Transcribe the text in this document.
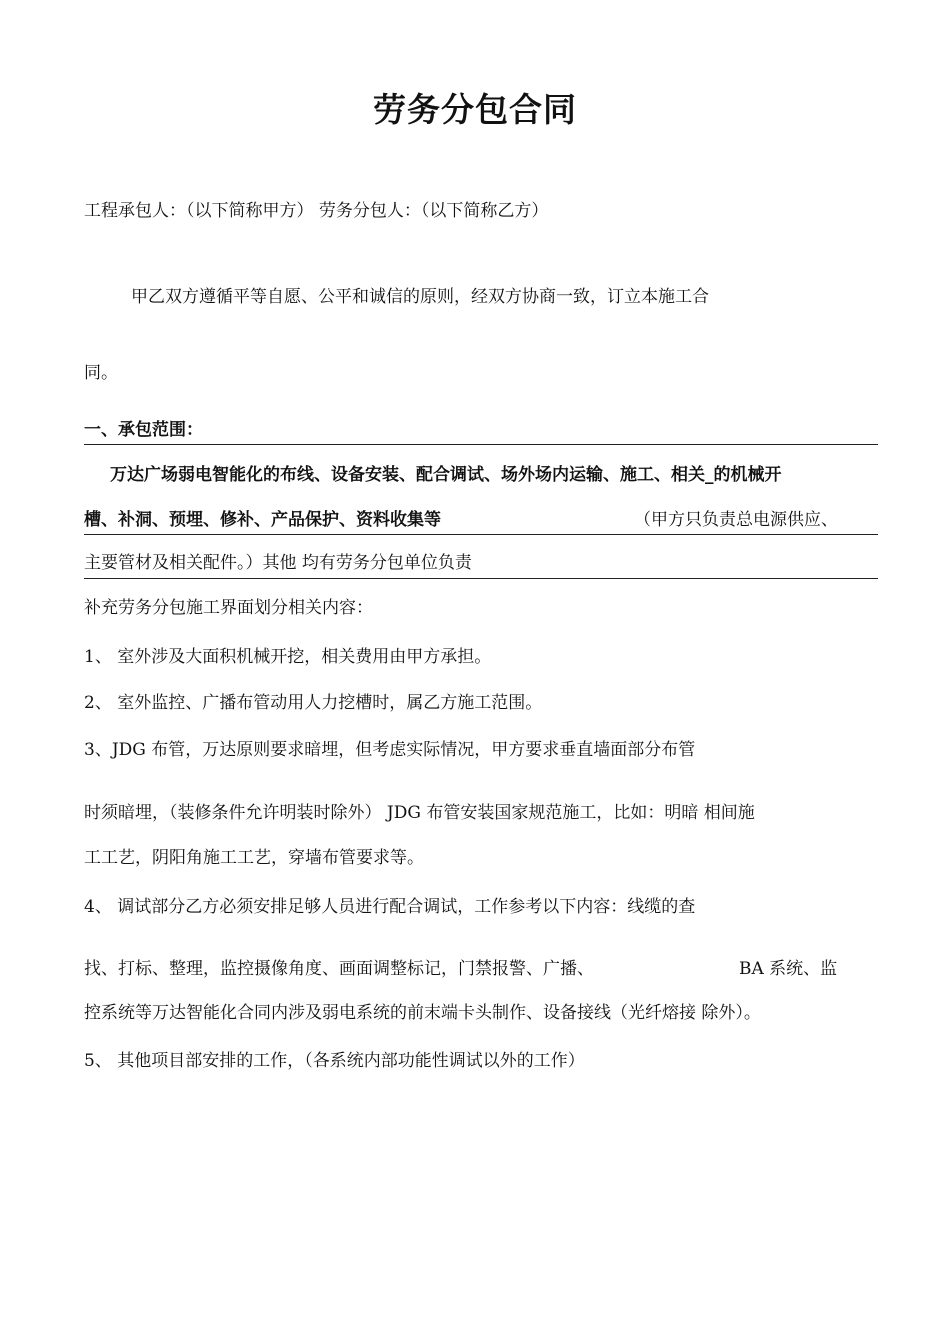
劳务分包合同
工程承包人：（以下简称甲方） 劳务分包人：（以下简称乙方）
甲乙双方遵循平等自愿、公平和诚信的原则，经双方协商一致，订立本施工合
同。
一、承包范围：
万达广场弱电智能化的布线、设备安装、配合调试、场外场内运输、施工、相关_的机械开
槽、补洞、预埋、修补、产品保护、资料收集等	（甲方只负责总电源供应、
主要管材及相关配件。）其他 均有劳务分包单位负责
补充劳务分包施工界面划分相关内容：
1、 室外涉及大面积机械开挖，相关费用由甲方承担。
2、 室外监控、广播布管动用人力挖槽时，属乙方施工范围。
3、JDG 布管，万达原则要求暗埋，但考虑实际情况，甲方要求垂直墙面部分布管
时须暗埋，（装修条件允许明装时除外） JDG 布管安装国家规范施工，比如：明暗 相间施
工工艺，阴阳角施工工艺，穿墙布管要求等。
4、 调试部分乙方必须安排足够人员进行配合调试，工作参考以下内容：线缆的查
找、打标、整理，监控摄像角度、画面调整标记，门禁报警、广播、	BA 系统、监
控系统等万达智能化合同内涉及弱电系统的前末端卡头制作、设备接线（光纤熔接 除外）。
5、 其他项目部安排的工作，（各系统内部功能性调试以外的工作）
